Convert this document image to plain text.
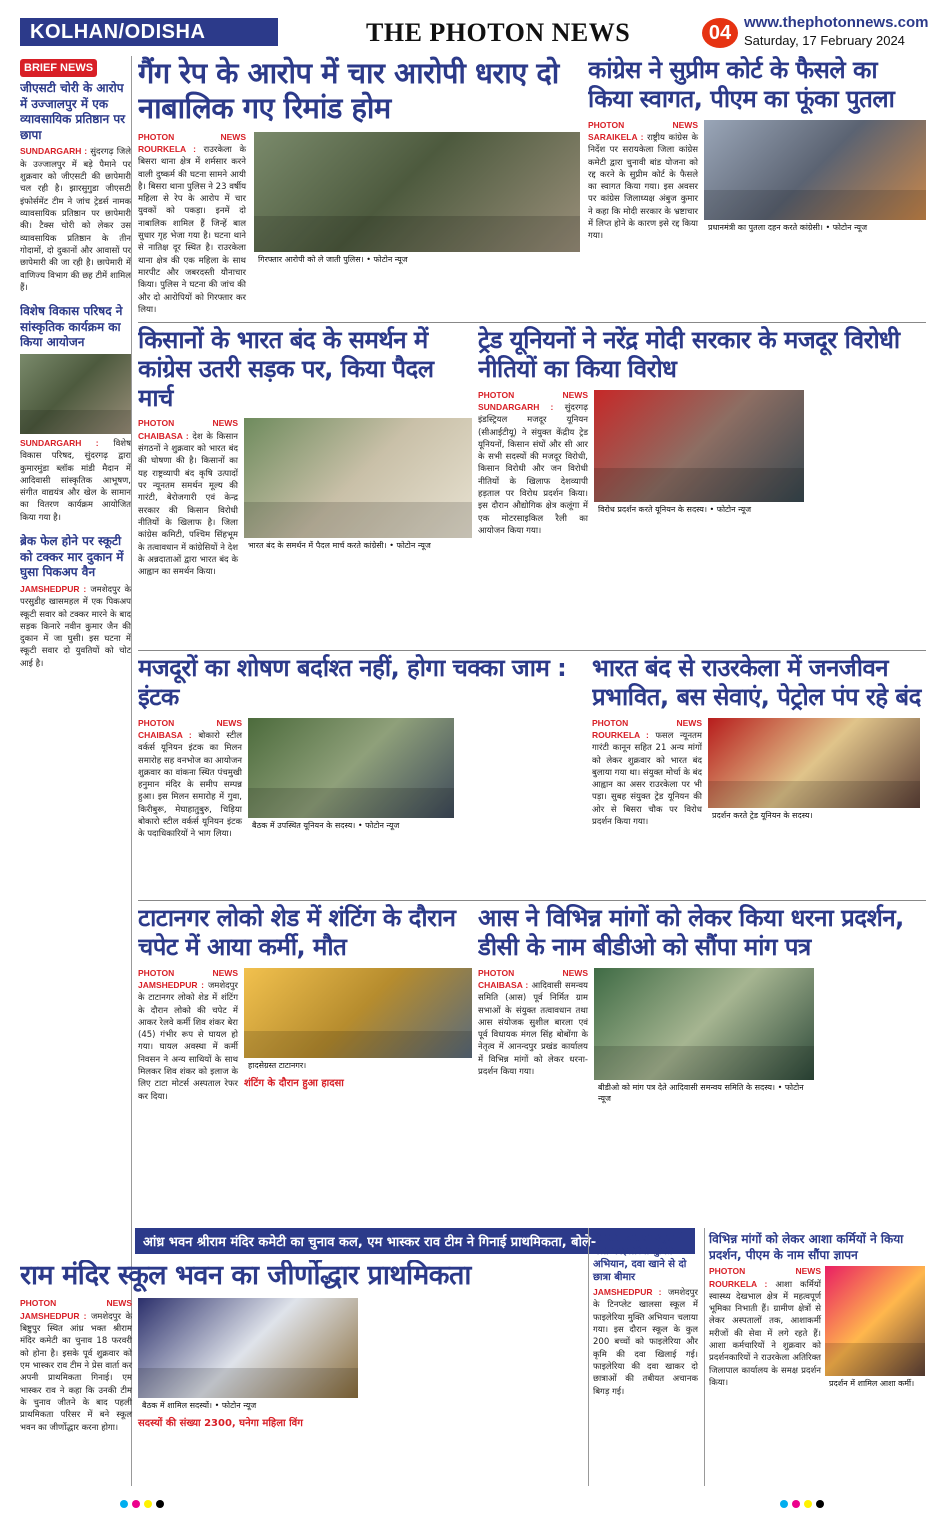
KOLHAN/ODISHA	THE PHOTON NEWS	04 www.thephotonnews.com
Saturday, 17 February 2024
BRIEF NEWS
जीएसटी चोरी के आरोप में उज्जालपुर में एक व्यावसायिक प्रतिष्ठान पर छापा
SUNDARGARH : सुंदरगढ़ जिले के उज्जालपुर में बड़े पैमाने पर शुक्रवार को जीएसटी की छापेमारी चल रही है। झारसुगुडा जीएसटी इंफोर्समेंट टीम ने जांच ट्रेडर्स नामक व्यावसायिक प्रतिष्ठान पर छापेमारी की। टैक्स चोरी को लेकर उस व्यावसायिक प्रतिष्ठान के तीन गोदामों, दो दुकानों और आवासों पर छापेमारी की जा रही है। छापेमारी में वाणिज्य विभाग की छह टीमें शामिल हैं।
विशेष विकास परिषद ने सांस्कृतिक कार्यक्रम का किया आयोजन
SUNDARGARH : विशेष विकास परिषद, सुंदरगढ़ द्वारा कुमारमुंडा ब्लॉक मांडी मैदान में आदिवासी सांस्कृतिक आभूषण, संगीत वाद्ययंत्र और खेल के सामान का वितरण कार्यक्रम आयोजित किया गया है।
ब्रेक फेल होने पर स्कूटी को टक्कर मार दुकान में घुसा पिकअप वैन
JAMSHEDPUR : जमशेदपुर के परसुडीह खासमहल में एक पिकअप स्कूटी सवार को टक्कर मारने के बाद सड़क किनारे नवीन कुमार जैन की दुकान में जा घुसी। इस घटना में स्कूटी सवार दो युवतियों को चोट आई है।
गैंग रेप के आरोप में चार आरोपी धराए दो नाबालिक गए रिमांड होम
PHOTON NEWS ROURKELA : राउरकेला के बिसरा थाना क्षेत्र में शर्मसार करने वाली दुष्कर्म की घटना सामने आयी है। बिसरा थाना पुलिस ने 23 वर्षीय महिला से रेप के आरोप में चार युवकों को पकड़ा। इनमें दो नाबालिक शामिल हैं जिन्हें बाल सुधार गृह भेजा गया है। घटना थाने से नातिक्ष दूर स्थित है। राउरकेला थाना क्षेत्र की एक महिला के साथ मारपीट और जबरदस्ती यौनाचार किया। पुलिस ने घटना की जांच की और दो आरोपियों को गिरफ्तार कर लिया।
गिरफ्तार आरोपी को ले जाती पुलिस। • फोटोन न्यूज
कांग्रेस ने सुप्रीम कोर्ट के फैसले का किया स्वागत, पीएम का फूंका पुतला
PHOTON NEWS SARAIKELA : राष्ट्रीय कांग्रेस के निर्देश पर सरायकेला जिला कांग्रेस कमेटी द्वारा चुनावी बांड योजना को रद्द करने के सुप्रीम कोर्ट के फैसले का स्वागत किया गया। इस अवसर पर कांग्रेस जिलाध्यक्ष अंबुज कुमार ने कहा कि मोदी सरकार के भ्रष्टाचार में लिप्त होने के कारण इसे रद्द किया गया।
प्रधानमंत्री का पुतला दहन करते कांग्रेसी। • फोटोन न्यूज
किसानों के भारत बंद के समर्थन में कांग्रेस उतरी सड़क पर, किया पैदल मार्च
PHOTON NEWS CHAIBASA : देश के किसान संगठनों ने शुक्रवार को भारत बंद की घोषणा की है। किसानों का यह राष्ट्रव्यापी बंद कृषि उत्पादों पर न्यूनतम समर्थन मूल्य की गारंटी, बेरोजगारी एवं केन्द्र सरकार की किसान विरोधी नीतियों के खिलाफ है। जिला कांग्रेस कमिटी, पश्चिम सिंहभूम के तत्वावधान में कांग्रेसियों ने देश के अन्नदाताओं द्वारा भारत बंद के आह्वान का समर्थन किया।
भारत बंद के समर्थन में पैदल मार्च करते कांग्रेसी। • फोटोन न्यूज
ट्रेड यूनियनों ने नरेंद्र मोदी सरकार के मजदूर विरोधी नीतियों का किया विरोध
PHOTON NEWS SUNDARGARH : सुंदरगढ़ इंडस्ट्रियल मजदूर यूनियन (सीआईटीयू) ने संयुक्त केंद्रीय ट्रेड यूनियनों, किसान संघों और सी आर के सभी सदस्यों की मजदूर विरोधी, किसान विरोधी और जन विरोधी नीतियों के खिलाफ देशव्यापी हड़ताल पर विरोध प्रदर्शन किया। इस दौरान औद्योगिक क्षेत्र कलूंगा में एक मोटरसाइकिल रैली का आयोजन किया गया।
विरोध प्रदर्शन करते यूनियन के सदस्य। • फोटोन न्यूज
मजदूरों का शोषण बर्दाश्त नहीं, होगा चक्का जाम : इंटक
PHOTON NEWS CHAIBASA : बोकारो स्टील वर्कर्स यूनियन इंटक का मिलन समारोह सह वनभोज का आयोजन शुक्रवार का वांकना स्थित पंचमुखी हनुमान मंदिर के समीप सम्पन्न हुआ। इस मिलन समारोह में गुवा, किरीबुरू, मेघाहातुबुरु, चिड़िया बोकारो स्टील वर्कर्स यूनियन इंटक के पदाधिकारियों ने भाग लिया।
बैठक में उपस्थित यूनियन के सदस्य। • फोटोन न्यूज
भारत बंद से राउरकेला में जनजीवन प्रभावित, बस सेवाएं, पेट्रोल पंप रहे बंद
PHOTON NEWS ROURKELA : फसल न्यूनतम गारंटी कानून सहित 21 अन्य मांगों को लेकर शुक्रवार को भारत बंद बुलाया गया था। संयुक्त मोर्चा के बंद आह्वान का असर राउरकेला पर भी पड़ा। सुबह संयुक्त ट्रेड यूनियन की ओर से बिसरा चौक पर विरोध प्रदर्शन किया गया।
प्रदर्शन करते ट्रेड यूनियन के सदस्य।
टाटानगर लोको शेड में शंटिंग के दौरान चपेट में आया कर्मी, मौत
PHOTON NEWS JAMSHEDPUR : जमशेदपुर के टाटानगर लोको शेड में शंटिंग के दौरान लोको की चपेट में आकर रेलवे कर्मी शिव शंकर बेरा (45) गंभीर रूप से घायल हो गया। घायल अवस्था में कर्मी निवसन ने अन्य साथियों के साथ मिलकर शिव शंकर को इलाज के लिए टाटा मोटर्स अस्पताल रेफर कर दिया।
हादसेग्रस्त टाटानगर।
शंटिंग के दौरान हुआ हादसा
आस ने विभिन्न मांगों को लेकर किया धरना प्रदर्शन, डीसी के नाम बीडीओ को सौंपा मांग पत्र
PHOTON NEWS CHAIBASA : आदिवासी समन्वय समिति (आस) पूर्व निर्मित ग्राम सभाओं के संयुक्त तत्वावधान तथा आस संयोजक सुशील बारला एवं पूर्व विधायक मंगल सिंह बोबोंगा के नेतृत्व में आनन्दपुर प्रखंड कार्यालय में विभिन्न मांगों को लेकर धरना-प्रदर्शन किया गया।
बीडीओ को मांग पत्र देते आदिवासी समन्वय समिति के सदस्य। • फोटोन न्यूज
आंध्र भवन श्रीराम मंदिर कमेटी का चुनाव कल, एम भास्कर राव टीम ने गिनाई प्राथमिकता, बोले-
राम मंदिर स्कूल भवन का जीर्णोद्धार प्राथमिकता
PHOTON NEWS JAMSHEDPUR : जमशेदपुर के बिष्टुपुर स्थित आंध्र भक्त श्रीराम मंदिर कमेटी का चुनाव 18 फरवरी को होना है। इसके पूर्व शुक्रवार को एम भास्कर राव टीम ने प्रेस वार्ता कर अपनी प्राथमिकता गिनाई। एम भास्कर राव ने कहा कि उनकी टीम के चुनाव जीतने के बाद पहली प्राथमिकता परिसर में बने स्कूल भवन का जीर्णोद्धार करना होगा।
बैठक में शामिल सदस्यों। • फोटोन न्यूज
सदस्यों की संख्या 2300, घनेगा महिला विंग
टिनप्लेट खालसा स्कूल में चला फाइलेरिया मुक्ति अभियान, दवा खाने से दो छात्रा बीमार
JAMSHEDPUR : जमशेदपुर के टिनप्लेट खालसा स्कूल में फाइलेरिया मुक्ति अभियान चलाया गया। इस दौरान स्कूल के कुल 200 बच्चों को फाइलेरिया और कृमि की दवा खिलाई गई। फाइलेरिया की दवा खाकर दो छात्राओं की तबीयत अचानक बिगड़ गई।
विभिन्न मांगों को लेकर आशा कर्मियों ने किया प्रदर्शन, पीएम के नाम सौंपा ज्ञापन
PHOTON NEWS ROURKELA : आशा कर्मियों स्वास्थ्य देखभाल क्षेत्र में महत्वपूर्ण भूमिका निभाती हैं। ग्रामीण क्षेत्रों से लेकर अस्पतालों तक, आशाकर्मी मरीजों की सेवा में लगे रहते हैं। आशा कर्मचारियों ने शुक्रवार को प्रदर्शनकारियों ने राउरकेला अतिरिक्त जिलापाल कार्यालय के समक्ष प्रदर्शन किया।	प्रदर्शन में शामिल आशा कर्मी।
